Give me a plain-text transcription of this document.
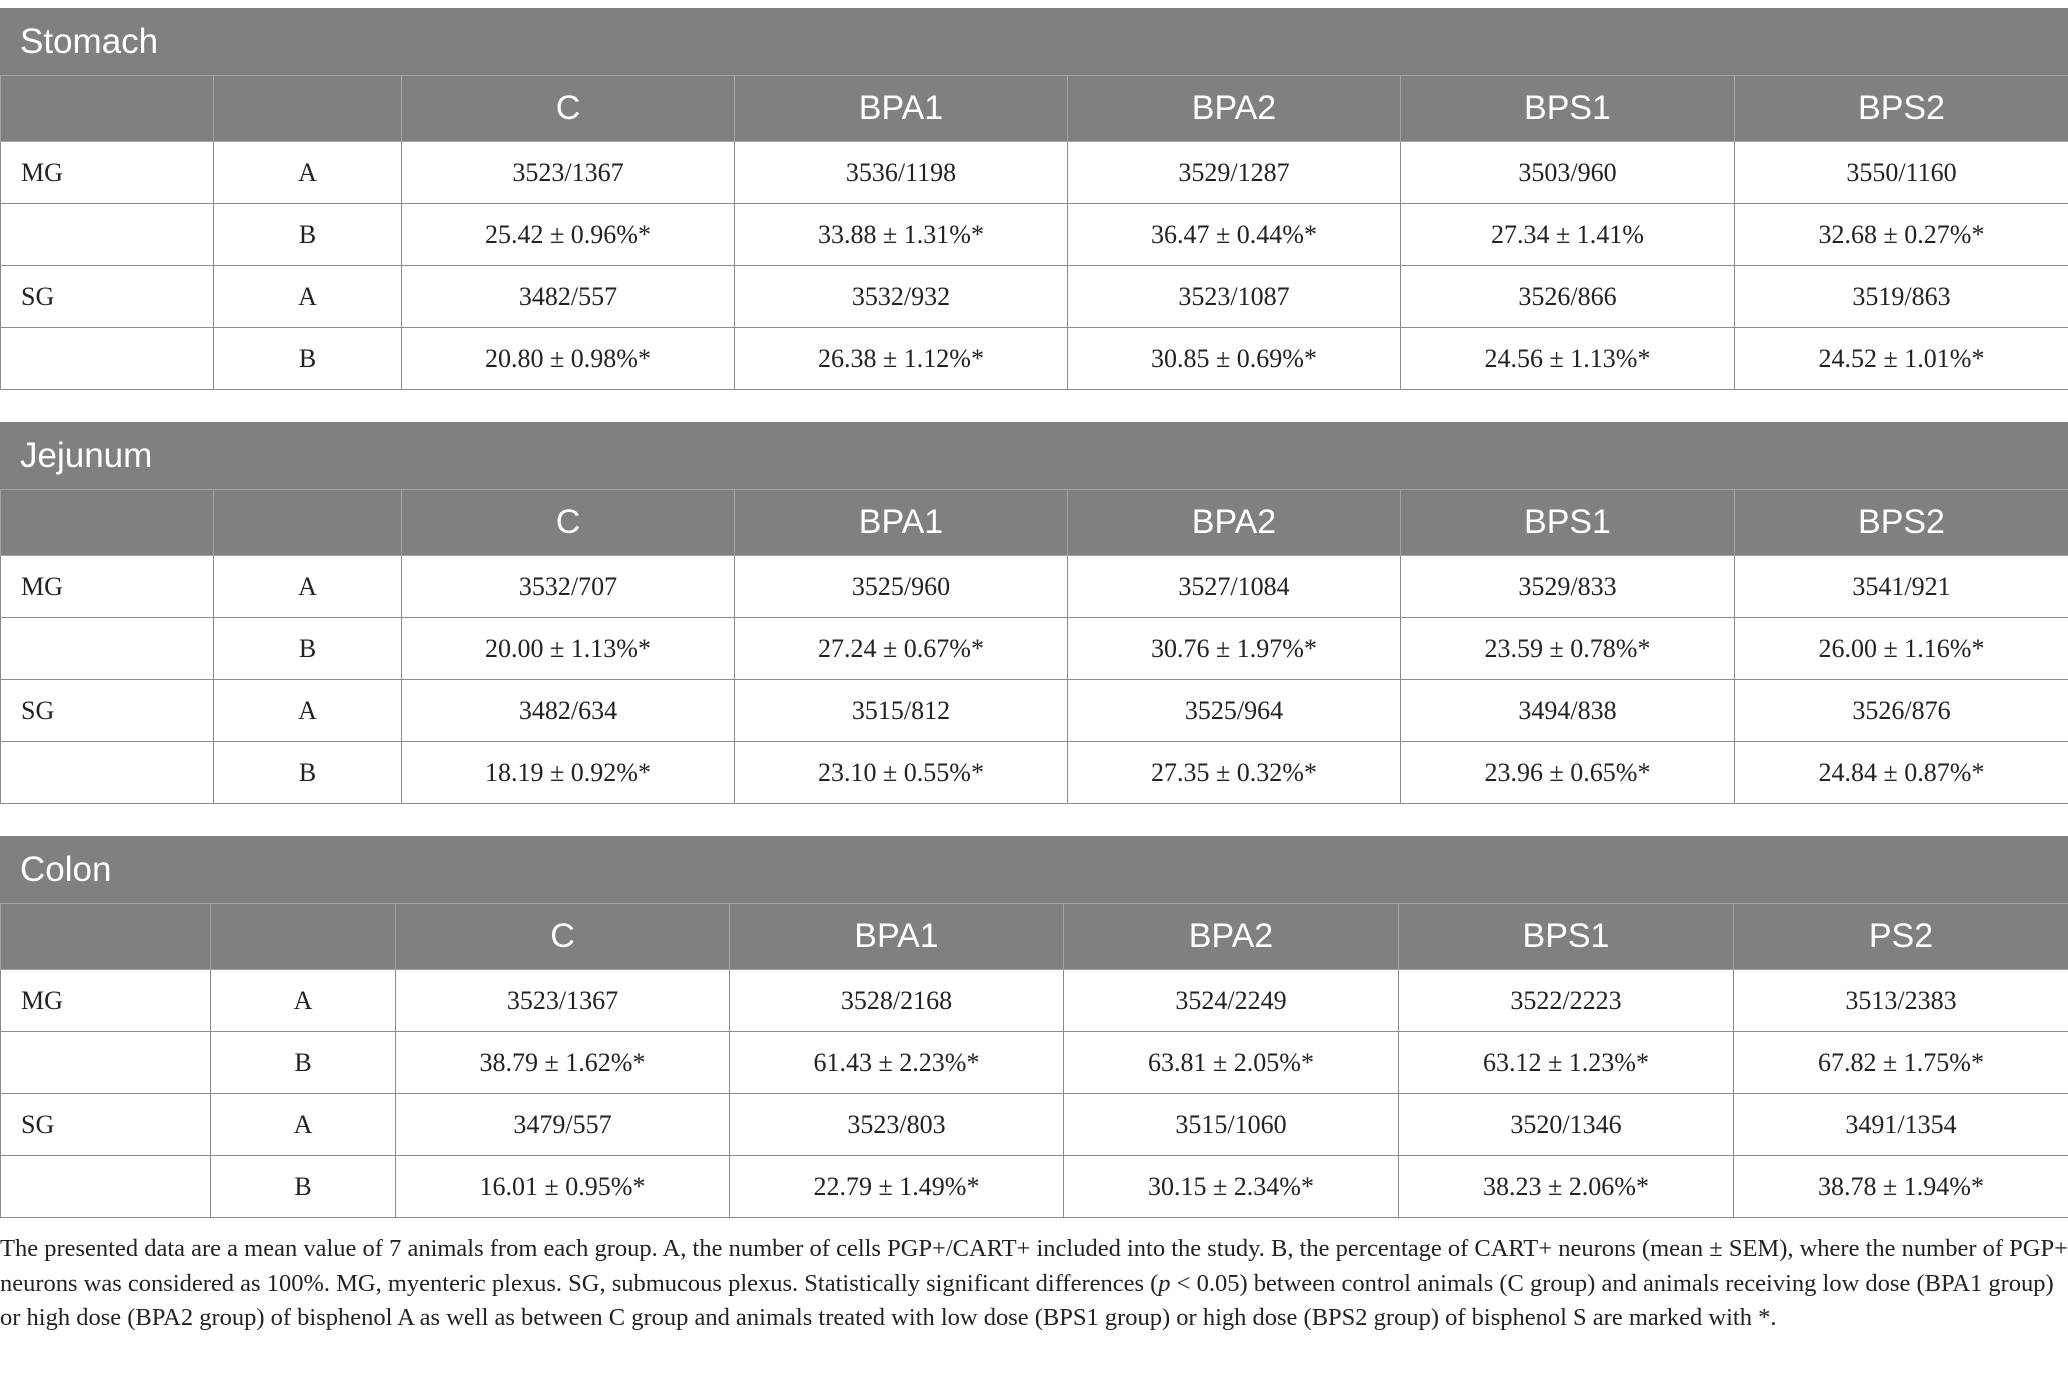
Stomach
		C	BPA1	BPA2	BPS1	BPS2
MG	A	3523/1367	3536/1198	3529/1287	3503/960	3550/1160
	B	25.42 ± 0.96%*	33.88 ± 1.31%*	36.47 ± 0.44%*	27.34 ± 1.41%	32.68 ± 0.27%*
SG	A	3482/557	3532/932	3523/1087	3526/866	3519/863
	B	20.80 ± 0.98%*	26.38 ± 1.12%*	30.85 ± 0.69%*	24.56 ± 1.13%*	24.52 ± 1.01%*
Jejunum
		C	BPA1	BPA2	BPS1	BPS2
MG	A	3532/707	3525/960	3527/1084	3529/833	3541/921
	B	20.00 ± 1.13%*	27.24 ± 0.67%*	30.76 ± 1.97%*	23.59 ± 0.78%*	26.00 ± 1.16%*
SG	A	3482/634	3515/812	3525/964	3494/838	3526/876
	B	18.19 ± 0.92%*	23.10 ± 0.55%*	27.35 ± 0.32%*	23.96 ± 0.65%*	24.84 ± 0.87%*
Colon
		C	BPA1	BPA2	BPS1	PS2
MG	A	3523/1367	3528/2168	3524/2249	3522/2223	3513/2383
	B	38.79 ± 1.62%*	61.43 ± 2.23%*	63.81 ± 2.05%*	63.12 ± 1.23%*	67.82 ± 1.75%*
SG	A	3479/557	3523/803	3515/1060	3520/1346	3491/1354
	B	16.01 ± 0.95%*	22.79 ± 1.49%*	30.15 ± 2.34%*	38.23 ± 2.06%*	38.78 ± 1.94%*
The presented data are a mean value of 7 animals from each group. A, the number of cells PGP+/CART+ included into the study. B, the percentage of CART+ neurons (mean ± SEM), where the number of PGP+ neurons was considered as 100%. MG, myenteric plexus. SG, submucous plexus. Statistically significant differences (p < 0.05) between control animals (C group) and animals receiving low dose (BPA1 group) or high dose (BPA2 group) of bisphenol A as well as between C group and animals treated with low dose (BPS1 group) or high dose (BPS2 group) of bisphenol S are marked with *.
